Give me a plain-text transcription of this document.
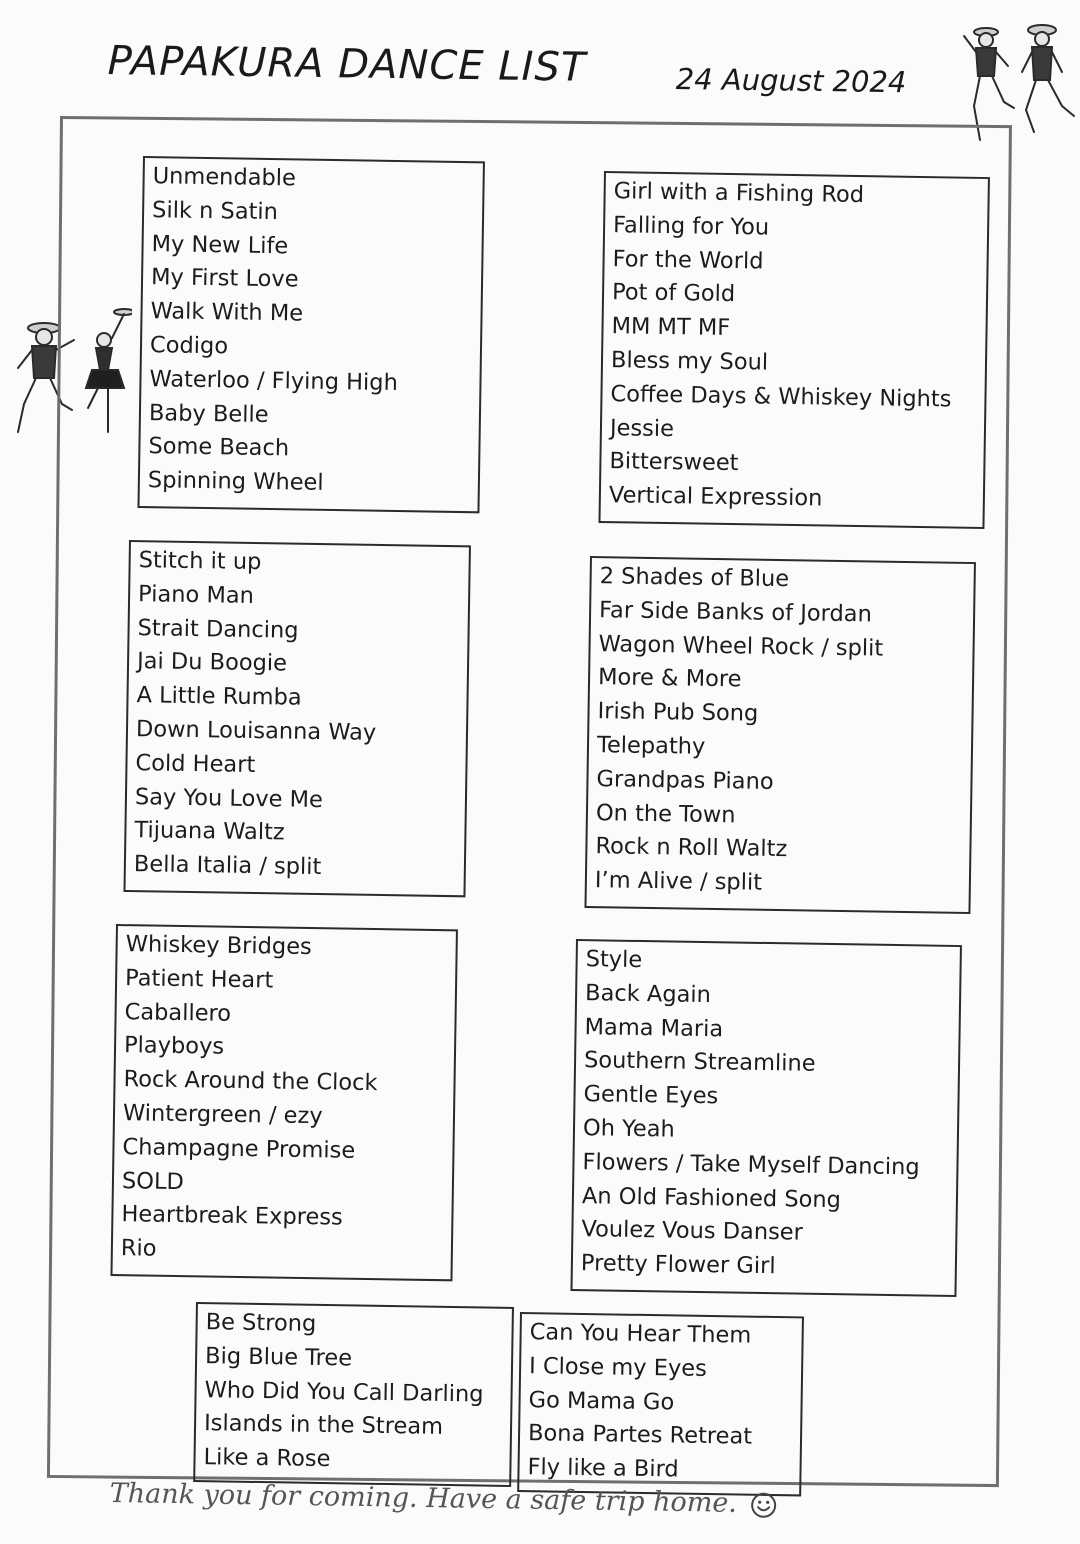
PAPAKURA DANCE LIST	24 August 2024
Unmendable
Silk n Satin
My New Life
My First Love
Walk With Me
Codigo
Waterloo / Flying High
Baby Belle
Some Beach
Spinning Wheel
Girl with a Fishing Rod
Falling for You
For the World
Pot of Gold
MM MT MF
Bless my Soul
Coffee Days & Whiskey Nights
Jessie
Bittersweet
Vertical Expression
Stitch it up
Piano Man
Strait Dancing
Jai Du Boogie
A Little Rumba
Down Louisanna Way
Cold Heart
Say You Love Me
Tijuana Waltz
Bella Italia / split
2 Shades of Blue
Far Side Banks of Jordan
Wagon Wheel Rock / split
More & More
Irish Pub Song
Telepathy
Grandpas Piano
On the Town
Rock n Roll Waltz
I’m Alive / split
Whiskey Bridges
Patient Heart
Caballero
Playboys
Rock Around the Clock
Wintergreen / ezy
Champagne Promise
SOLD
Heartbreak Express
Rio
Style
Back Again
Mama Maria
Southern Streamline
Gentle Eyes
Oh Yeah
Flowers / Take Myself Dancing
An Old Fashioned Song
Voulez Vous Danser
Pretty Flower Girl
Be Strong
Big Blue Tree
Who Did You Call Darling
Islands in the Stream
Like a Rose
Can You Hear Them
I Close my Eyes
Go Mama Go
Bona Partes Retreat
Fly like a Bird
Thank you for coming. Have a safe trip home.
